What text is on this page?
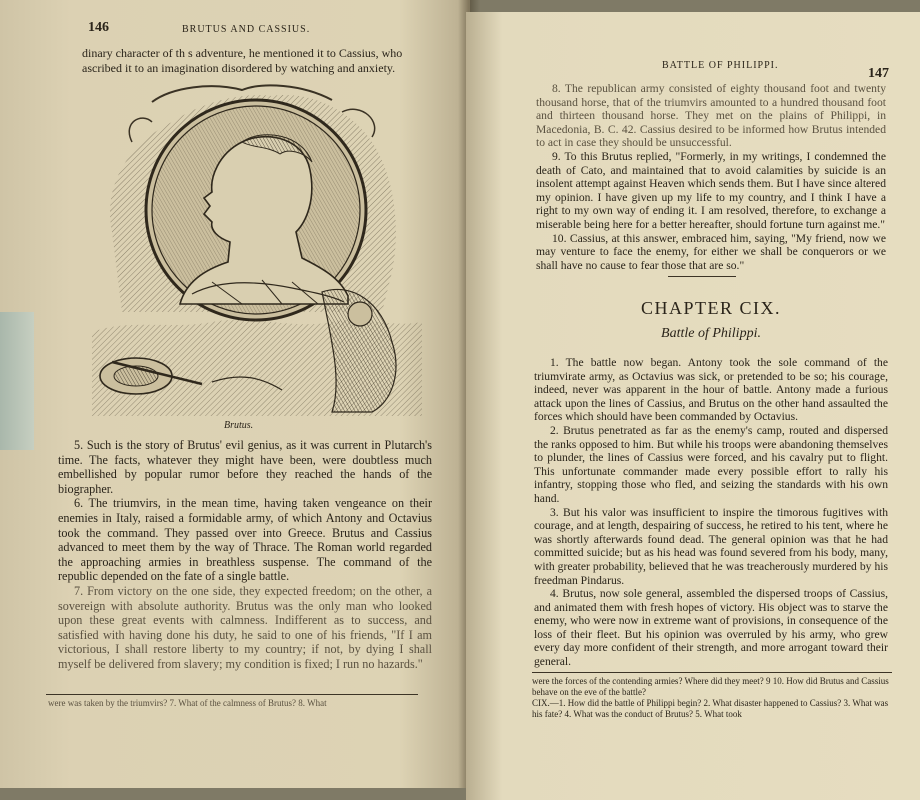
146	BRUTUS AND CASSIUS.

dinary character of th s adventure, he mentioned it to Cassius, who

ascribed it to an imagination disordered by watching and anxiety.

Brutus.

5. Such is the story of Brutus' evil genius, as it was current in Plutarch's time. The facts, whatever they might have been, were doubtless much embellished by popular rumor before they reached the hands of the biographer.

6. The triumvirs, in the mean time, having taken vengeance on their enemies in Italy, raised a formidable army, of which Antony and Octavius took the command. They passed over into Greece. Brutus and Cassius advanced to meet them by the way of Thrace. The Roman world regarded the approaching armies in breathless suspense. The command of the republic depended on the fate of a single battle.

7. From victory on the one side, they expected freedom; on the other, a sovereign with absolute authority. Brutus was the only man who looked upon these great events with calmness. Indifferent as to success, and satisfied with having done his duty, he said to one of his friends, "If I am victorious, I shall restore liberty to my country; if not, by dying I shall myself be delivered from slavery; my condition is fixed; I run no hazards."

were was taken by the triumvirs? 7. What of the calmness of Brutus? 8. What

BATTLE OF PHILIPPI.
147

8. The republican army consisted of eighty thousand foot and twenty thousand horse, that of the triumvirs amounted to a hundred thousand foot and thirteen thousand horse. They met on the plains of Philippi, in Macedonia, B. C. 42. Cassius desired to be informed how Brutus intended to act in case they should be unsuccessful.

9. To this Brutus replied, "Formerly, in my writings, I condemned the death of Cato, and maintained that to avoid calamities by suicide is an insolent attempt against Heaven which sends them. But I have since altered my opinion. I have given up my life to my country, and I think I have a right to my own way of ending it. I am resolved, therefore, to exchange a miserable being here for a better hereafter, should fortune turn against me."

10. Cassius, at this answer, embraced him, saying, "My friend, now we may venture to face the enemy, for either we shall be conquerors or we shall have no cause to fear those that are so."

CHAPTER CIX.
Battle of Philippi.

1. The battle now began. Antony took the sole command of the triumvirate army, as Octavius was sick, or pretended to be so; his courage, indeed, never was apparent in the hour of battle. Antony made a furious attack upon the lines of Cassius, and Brutus on the other hand assaulted the forces which should have been commanded by Octavius.

2. Brutus penetrated as far as the enemy's camp, routed and dispersed the ranks opposed to him. But while his troops were abandoning themselves to plunder, the lines of Cassius were forced, and his cavalry put to flight. This unfortunate commander made every possible effort to rally his infantry, stopping those who fled, and seizing the standards with his own hand.

3. But his valor was insufficient to inspire the timorous fugitives with courage, and at length, despairing of success, he retired to his tent, where he was shortly afterwards found dead. The general opinion was that he had committed suicide; but as his head was found severed from his body, many, with greater probability, believed that he was treacherously murdered by his freedman Pindarus.

4. Brutus, now sole general, assembled the dispersed troops of Cassius, and animated them with fresh hopes of victory. His object was to starve the enemy, who were now in extreme want of provisions, in consequence of the loss of their fleet. But his opinion was overruled by his army, who grew every day more confident of their strength, and more arrogant toward their general.

were the forces of the contending armies? Where did they meet? 9 10. How did Brutus and Cassius behave on the eve of the battle?

CIX.—1. How did the battle of Philippi begin? 2. What disaster happened to Cassius? 3. What was his fate? 4. What was the conduct of Brutus? 5. What took
